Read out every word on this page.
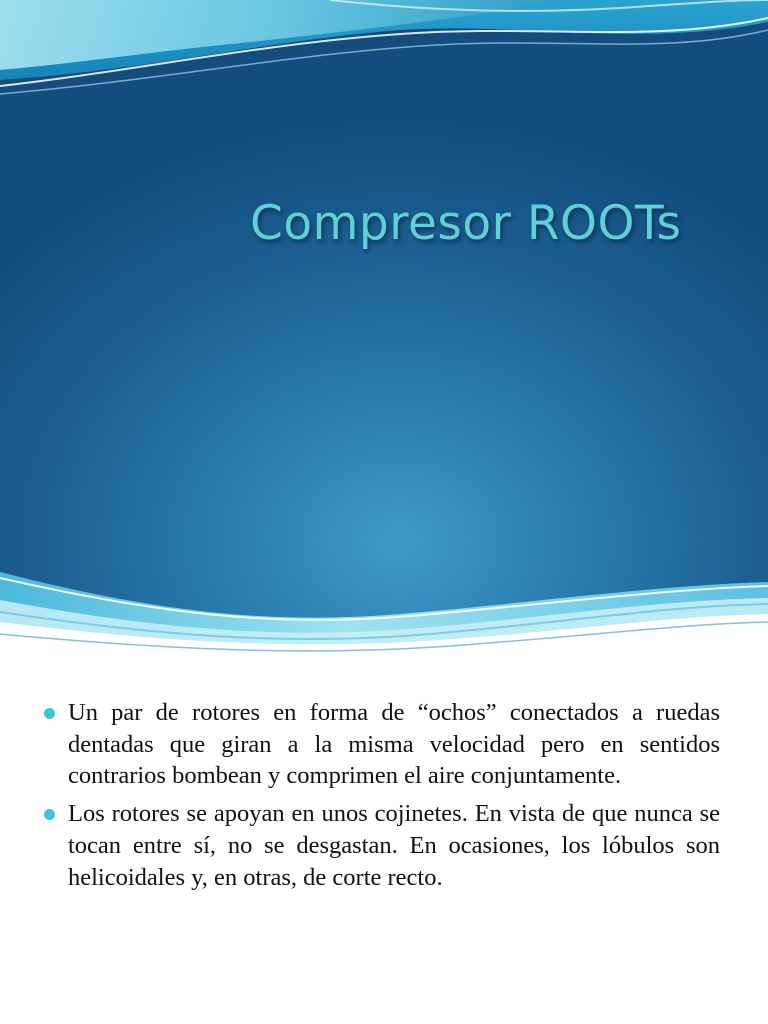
Compresor ROOTs
Un par de rotores en forma de “ochos” conectados a ruedas dentadas que giran a la misma velocidad pero en sentidos contrarios bombean y comprimen el aire conjuntamente.
Los rotores se apoyan en unos cojinetes. En vista de que nunca se tocan entre sí, no se desgastan. En ocasiones, los lóbulos son helicoidales y, en otras, de corte recto.
